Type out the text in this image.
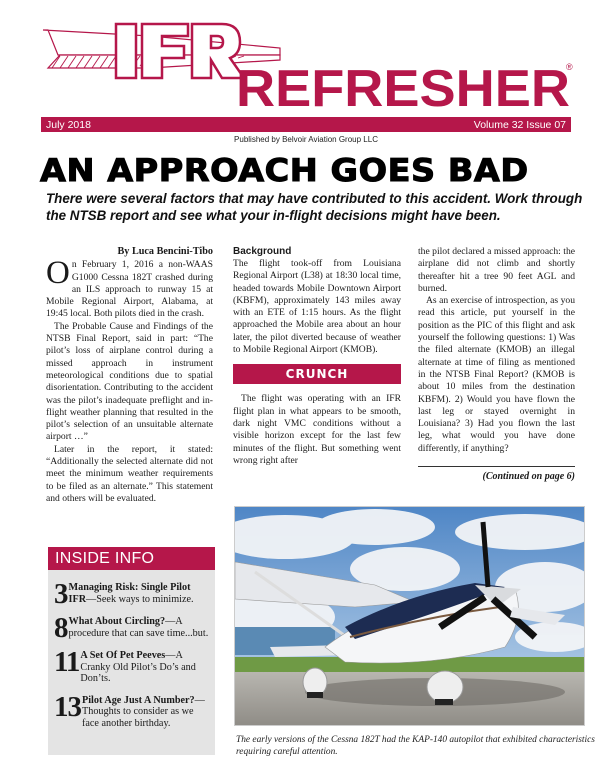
REFRESHER
®
July 2018	Volume 32 Issue 07
Published by Belvoir Aviation Group LLC
AN APPROACH GOES BAD
There were several factors that may have contributed to this accident. Work through the NTSB report and see what your in-flight decisions might have been.
By Luca Bencini-Tibo

On February 1, 2016 a non-WAAS G1000 Cessna 182T crashed during an ILS approach to runway 15 at Mobile Regional Airport, Alabama, at 19:45 local. Both pilots died in the crash.

The Probable Cause and Findings of the NTSB Final Report, said in part: “The pilot’s loss of airplane control during a missed approach in instrument meteorological conditions due to spatial disorientation. Contributing to the accident was the pilot’s inadequate preflight and in-flight weather planning that resulted in the pilot’s selection of an unsuitable alternate airport …”

Later in the report, it stated: “Additionally the selected alternate did not meet the minimum weather requirements to be filed as an alternate.” This statement and others will be evaluated.

Background

The flight took-off from Louisiana Regional Airport (L38) at 18:30 local time, headed towards Mobile Downtown Airport (KBFM), approximately 143 miles away with an ETE of 1:15 hours. As the flight approached the Mobile area about an hour later, the pilot diverted because of weather to Mobile Regional Airport (KMOB).

CRUNCH

The flight was operating with an IFR flight plan in what appears to be smooth, dark night VMC conditions without a visible horizon except for the last few minutes of the flight. But something went wrong right after

the pilot declared a missed approach: the airplane did not climb and shortly thereafter hit a tree 90 feet AGL and burned.

As an exercise of introspection, as you read this article, put yourself in the position as the PIC of this flight and ask yourself the following questions: 1) Was the filed alternate (KMOB) an illegal alternate at time of filing as mentioned in the NTSB Final Report? (KMOB is about 10 miles from the destination KBFM). 2) Would you have flown the last leg or stayed overnight in Louisiana? 3) Had you flown the last leg, what would you have done differently, if anything?

(Continued on page 6)
INSIDE INFO
3 Managing Risk: Single Pilot IFR—Seek ways to minimize.
8 What About Circling?—A procedure that can save time...but.
11 A Set Of Pet Peeves—A Cranky Old Pilot’s Do’s and Don’ts.
13 Pilot Age Just A Number?—Thoughts to consider as we face another birthday.
The early versions of the Cessna 182T had the KAP-140 autopilot that exhibited characteristics requiring careful attention.
